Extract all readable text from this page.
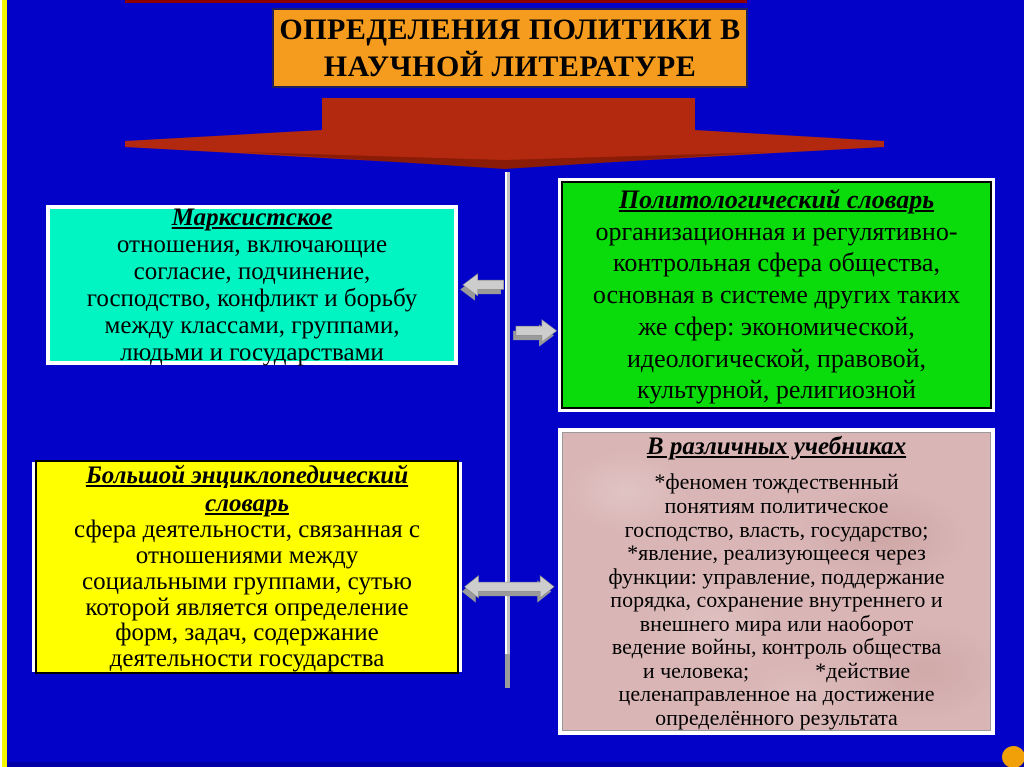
ОПРЕДЕЛЕНИЯ ПОЛИТИКИ В НАУЧНОЙ ЛИТЕРАТУРЕ
Марксистское
отношения, включающие
согласие, подчинение,
господство, конфликт и борьбу
между классами, группами,
людьми и государствами
Политологический словарь
организационная и регулятивно-
контрольная сфера общества,
основная в системе других таких
же сфер: экономической,
идеологической, правовой,
культурной, религиозной
Большой энциклопедический
словарь
сфера деятельности, связанная с
отношениями между
социальными группами, сутью
которой является определение
форм, задач, содержание
деятельности государства
В различных учебниках
*феномен тождественный
понятиям политическое
господство, власть, государство;
*явление, реализующееся через
функции: управление, поддержание
порядка, сохранение внутреннего и
внешнего мира или наоборот
ведение войны, контроль общества
и человека;            *действие
целенаправленное на достижение
определённого результата
